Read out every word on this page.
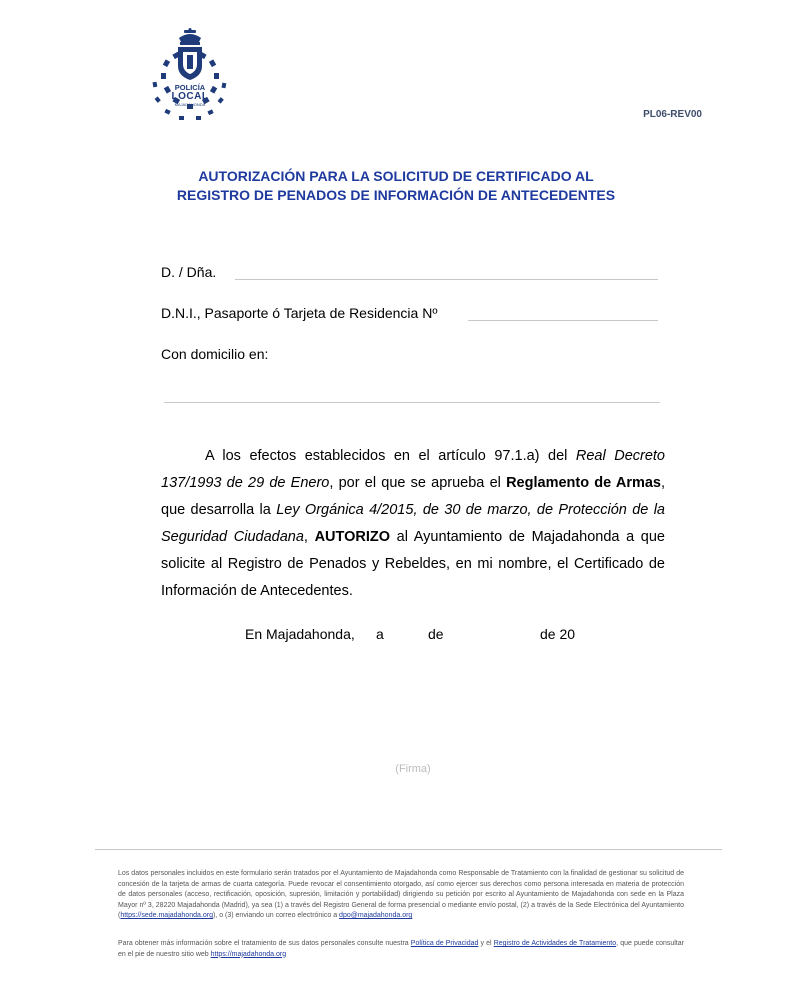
POLICÍA
LOCAL
MAJADAHONDA
PL06-REV00
AUTORIZACIÓN PARA LA SOLICITUD DE CERTIFICADO AL
REGISTRO DE PENADOS DE INFORMACIÓN DE ANTECEDENTES
D. / Dña.
D.N.I., Pasaporte ó Tarjeta de Residencia Nº
Con domicilio en:
A los efectos establecidos en el artículo 97.1.a) del Real Decreto 137/1993 de 29 de Enero, por el que se aprueba el Reglamento de Armas, que desarrolla la Ley Orgánica 4/2015, de 30 de marzo, de Protección de la Seguridad Ciudadana, AUTORIZO al Ayuntamiento de Majadahonda a que solicite al Registro de Penados y Rebeldes, en mi nombre, el Certificado de Información de Antecedentes.
En Majadahonda, a	de	de 20
(Firma)
Los datos personales incluidos en este formulario serán tratados por el Ayuntamiento de Majadahonda como Responsable de Tratamiento con la finalidad de gestionar su solicitud de concesión de la tarjeta de armas de cuarta categoría. Puede revocar el consentimiento otorgado, así como ejercer sus derechos como persona interesada en materia de protección de datos personales (acceso, rectificación, oposición, supresión, limitación y portabilidad) dirigiendo su petición por escrito al Ayuntamiento de Majadahonda con sede en la Plaza Mayor nº 3, 28220 Majadahonda (Madrid), ya sea (1) a través del Registro General de forma presencial o mediante envío postal, (2) a través de la Sede Electrónica del Ayuntamiento (https://sede.majadahonda.org), o (3) enviando un correo electrónico a dpo@majadahonda.org
Para obtener más información sobre el tratamiento de sus datos personales consulte nuestra Política de Privacidad y el Registro de Actividades de Tratamiento, que puede consultar en el pie de nuestro sitio web https://majadahonda.org
